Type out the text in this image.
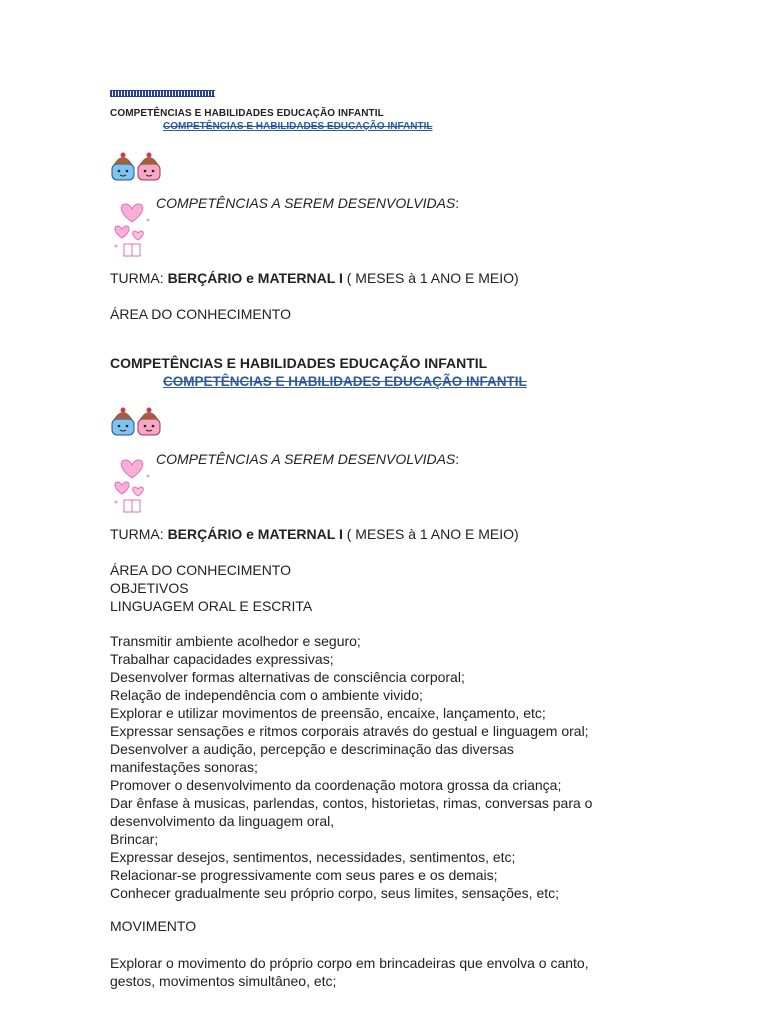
COMPETÊNCIAS E HABILIDADES EDUCAÇÃO INFANTIL
COMPETÊNCIAS E HABILIDADES EDUCAÇÃO INFANTIL
COMPETÊNCIAS A SEREM DESENVOLVIDAS:
TURMA: BERÇÁRIO e MATERNAL I ( MESES à 1 ANO E MEIO)
ÁREA DO CONHECIMENTO
COMPETÊNCIAS E HABILIDADES EDUCAÇÃO INFANTIL
COMPETÊNCIAS E HABILIDADES EDUCAÇÃO INFANTIL
COMPETÊNCIAS A SEREM DESENVOLVIDAS:
TURMA: BERÇÁRIO e MATERNAL I ( MESES à 1 ANO E MEIO)
ÁREA DO CONHECIMENTO
OBJETIVOS
LINGUAGEM ORAL E ESCRITA
Transmitir ambiente acolhedor e seguro;
Trabalhar capacidades expressivas;
Desenvolver formas alternativas de consciência corporal;
Relação de independência com o ambiente vivido;
Explorar e utilizar movimentos de preensão, encaixe, lançamento, etc;
Expressar sensações e ritmos corporais através do gestual e linguagem oral;
Desenvolver a audição, percepção e descriminação das diversas
manifestações sonoras;
Promover o desenvolvimento da coordenação motora grossa da criança;
Dar ênfase à musicas, parlendas, contos, historietas, rimas, conversas para o
desenvolvimento da linguagem oral,
Brincar;
Expressar desejos, sentimentos, necessidades, sentimentos, etc;
Relacionar-se progressivamente com seus pares e os demais;
Conhecer gradualmente seu próprio corpo, seus limites, sensações, etc;
MOVIMENTO
Explorar o movimento do próprio corpo em brincadeiras que envolva o canto,
gestos, movimentos simultâneo, etc;
